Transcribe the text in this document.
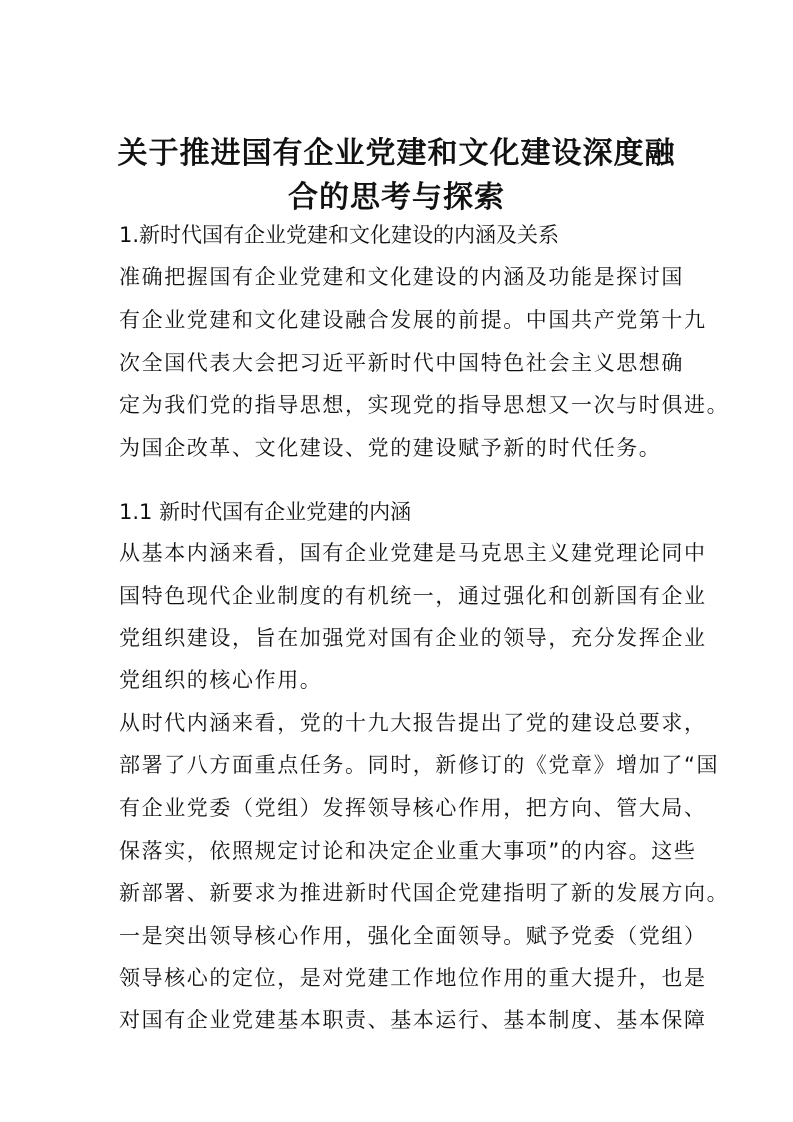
关于推进国有企业党建和文化建设深度融
合的思考与探索
1.新时代国有企业党建和文化建设的内涵及关系
准确把握国有企业党建和文化建设的内涵及功能是探讨国
有企业党建和文化建设融合发展的前提。中国共产党第十九
次全国代表大会把习近平新时代中国特色社会主义思想确
定为我们党的指导思想，实现党的指导思想又一次与时俱进。
为国企改革、文化建设、党的建设赋予新的时代任务。
1.1 新时代国有企业党建的内涵
从基本内涵来看，国有企业党建是马克思主义建党理论同中
国特色现代企业制度的有机统一，通过强化和创新国有企业
党组织建设，旨在加强党对国有企业的领导，充分发挥企业
党组织的核心作用。
从时代内涵来看，党的十九大报告提出了党的建设总要求，
部署了八方面重点任务。同时，新修订的《党章》增加了“国
有企业党委（党组）发挥领导核心作用，把方向、管大局、
保落实，依照规定讨论和决定企业重大事项”的内容。这些
新部署、新要求为推进新时代国企党建指明了新的发展方向。
一是突出领导核心作用，强化全面领导。赋予党委（党组）
领导核心的定位，是对党建工作地位作用的重大提升，也是
对国有企业党建基本职责、基本运行、基本制度、基本保障
